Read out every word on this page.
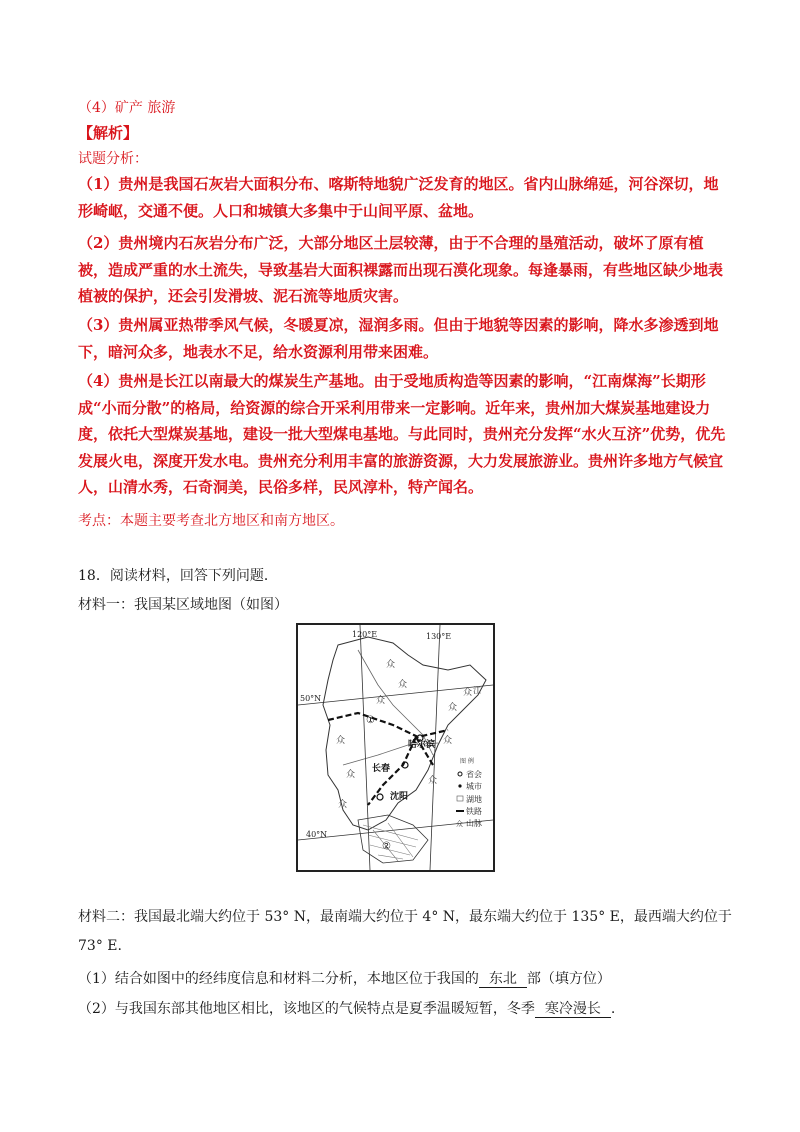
（4）矿产 旅游
【解析】
试题分析：
（1）贵州是我国石灰岩大面积分布、喀斯特地貌广泛发育的地区。省内山脉绵延，河谷深切，地形崎岖，交通不便。人口和城镇大多集中于山间平原、盆地。
（2）贵州境内石灰岩分布广泛，大部分地区土层较薄，由于不合理的垦殖活动，破坏了原有植被，造成严重的水土流失，导致基岩大面积裸露而出现石漠化现象。每逢暴雨，有些地区缺少地表植被的保护，还会引发滑坡、泥石流等地质灾害。
（3）贵州属亚热带季风气候，冬暖夏凉，湿润多雨。但由于地貌等因素的影响，降水多渗透到地下，暗河众多，地表水不足，给水资源利用带来困难。
（4）贵州是长江以南最大的煤炭生产基地。由于受地质构造等因素的影响，“江南煤海”长期形成“小而分散”的格局，给资源的综合开采利用带来一定影响。近年来，贵州加大煤炭基地建设力度，依托大型煤炭基地，建设一批大型煤电基地。与此同时，贵州充分发挥“水火互济”优势，优先发展火电，深度开发水电。贵州充分利用丰富的旅游资源，大力发展旅游业。贵州许多地方气候宜人，山清水秀，石奇洞美，民俗多样，民风淳朴，特产闻名。
考点：本题主要考查北方地区和南方地区。
18．阅读材料，回答下列问题．
材料一：我国某区域地图（如图）
众
众
众
众
众
众
众
众
众
众
120°E	130°E
50°N
40°N
江
哈尔滨
长春
沈阳
①
②
图 例
省会
城市
湖地
铁路
众 山脉
材料二：我国最北端大约位于 53° N，最南端大约位于 4° N，最东端大约位于 135° E，最西端大约位于
73° E.
（1）结合如图中的经纬度信息和材料二分析，本地区位于我国的 东北 部（填方位）
（2）与我国东部其他地区相比，该地区的气候特点是夏季温暖短暂，冬季 寒冷漫长 .
